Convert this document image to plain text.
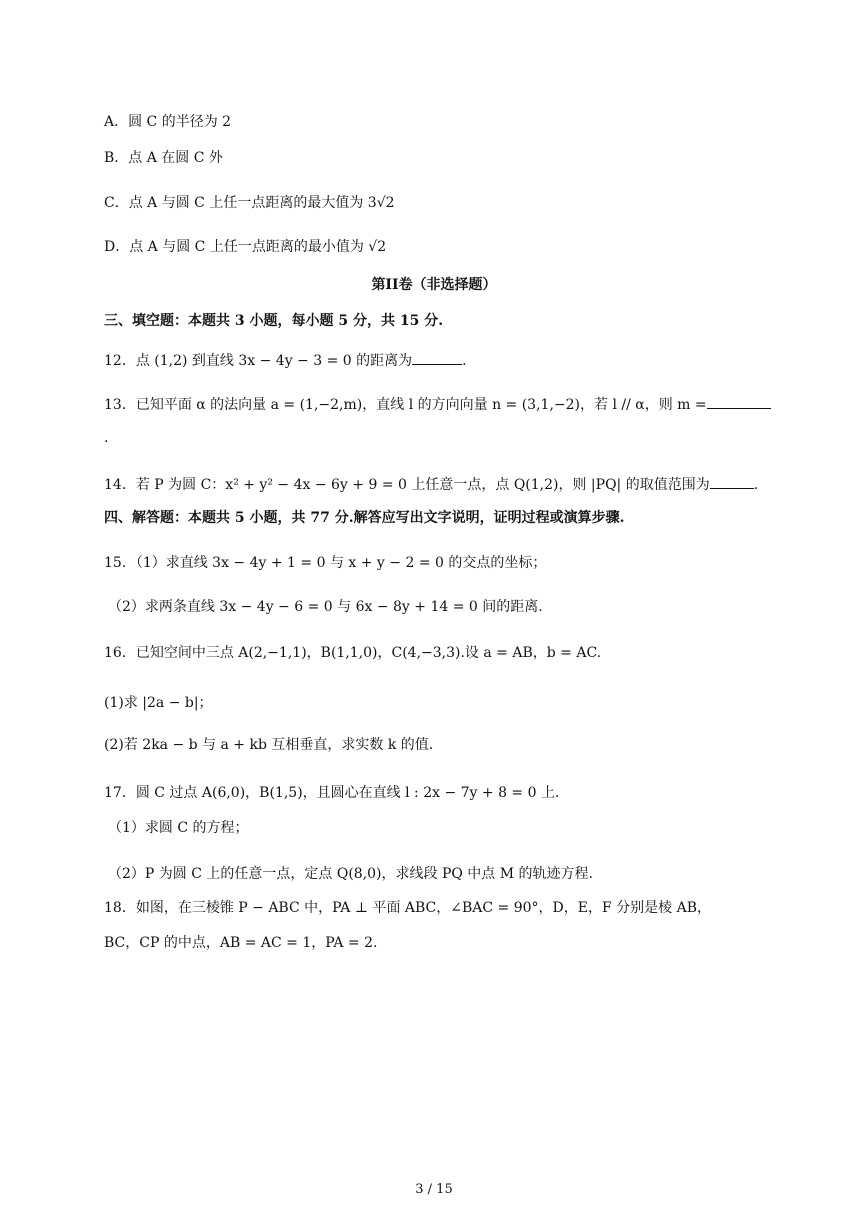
A．圆 C 的半径为 2
B．点 A 在圆 C 外
C．点 A 与圆 C 上任一点距离的最大值为 3√2
D．点 A 与圆 C 上任一点距离的最小值为 √2
第II卷（非选择题）
三、填空题：本题共 3 小题，每小题 5 分，共 15 分.
12．点 (1,2) 到直线 3x − 4y − 3 = 0 的距离为	.
13．已知平面 α 的法向量 a = (1,−2,m)，直线 l 的方向向量 n = (3,1,−2)，若 l // α，则 m =
.
14．若 P 为圆 C：x² + y² − 4x − 6y + 9 = 0 上任意一点，点 Q(1,2)，则 |PQ| 的取值范围为	.
四、解答题：本题共 5 小题，共 77 分.解答应写出文字说明，证明过程或演算步骤.
15．（1）求直线 3x − 4y + 1 = 0 与 x + y − 2 = 0 的交点的坐标；
（2）求两条直线 3x − 4y − 6 = 0 与 6x − 8y + 14 = 0 间的距离.
16．已知空间中三点 A(2,−1,1)，B(1,1,0)，C(4,−3,3).设 a = AB，b = AC.
(1)求 |2a − b|；
(2)若 2ka − b 与 a + kb 互相垂直，求实数 k 的值.
17．圆 C 过点 A(6,0)，B(1,5)，且圆心在直线 l : 2x − 7y + 8 = 0 上.
（1）求圆 C 的方程；
（2）P 为圆 C 上的任意一点，定点 Q(8,0)，求线段 PQ 中点 M 的轨迹方程.
18．如图，在三棱锥 P − ABC 中，PA ⊥ 平面 ABC，∠BAC = 90°，D，E，F 分别是棱 AB，
BC，CP 的中点，AB = AC = 1，PA = 2.
3 / 15
